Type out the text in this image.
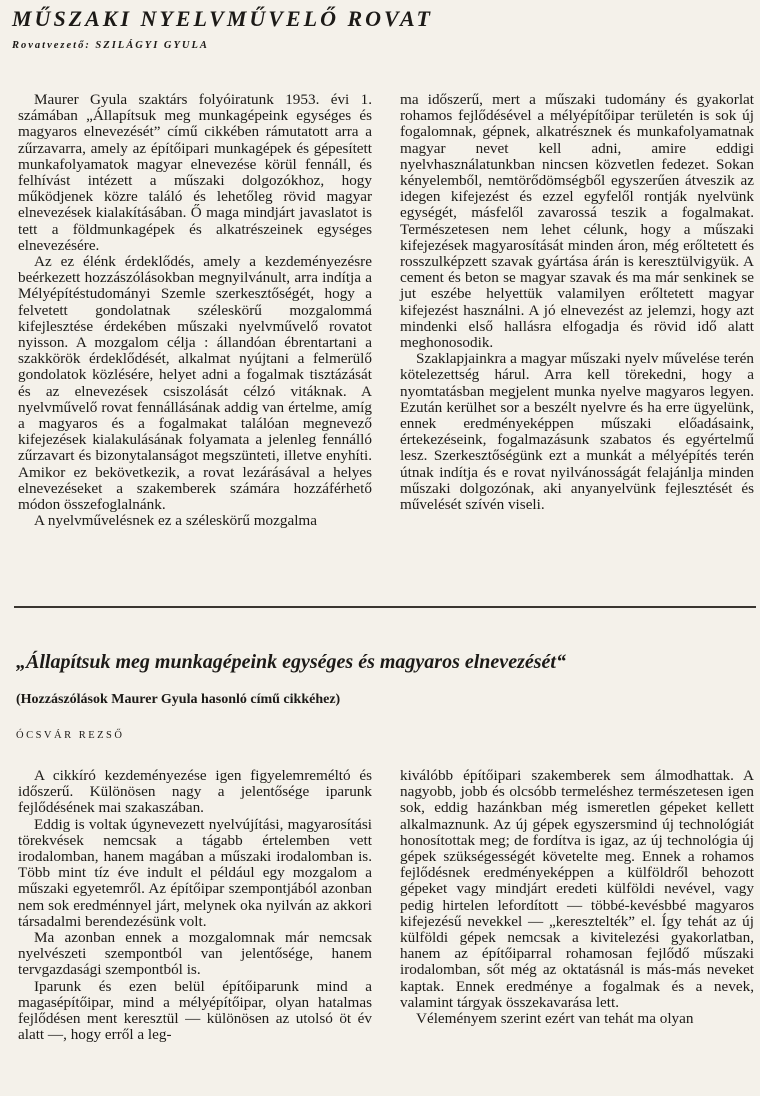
MŰSZAKI NYELVMŰVELŐ ROVAT
Rovatvezető: SZILÁGYI GYULA

Maurer Gyula szaktárs folyóiratunk 1953. évi 1. számában „Állapítsuk meg munkagépeink egységes és magyaros elnevezését” című cikkében rámutatott arra a zűrzavarra, amely az építőipari munkagépek és gépesített munkafolyamatok magyar elnevezése körül fennáll, és felhívást intézett a műszaki dolgozókhoz, hogy működjenek közre találó és lehetőleg rövid magyar elnevezések kialakításában. Ő maga mindjárt javaslatot is tett a földmunkagépek és alkatrészeinek egységes elnevezésére.

Az ez élénk érdeklődés, amely a kezdeményezésre beérkezett hozzászólásokban megnyilvánult, arra indítja a Mélyépítéstudományi Szemle szerkesztőségét, hogy a felvetett gondolatnak széleskörű mozgalommá kifejlesztése érdekében műszaki nyelvművelő rovatot nyisson. A mozgalom célja : állandóan ébrentartani a szakkörök érdeklődését, alkalmat nyújtani a felmerülő gondolatok közlésére, helyet adni a fogalmak tisztázását és az elnevezések csiszolását célzó vitáknak. A nyelvművelő rovat fennállásának addig van értelme, amíg a magyaros és a fogalmakat találóan megnevező kifejezések kialakulásának folyamata a jelenleg fennálló zűrzavart és bizonytalanságot megszünteti, illetve enyhíti. Amikor ez bekövetkezik, a rovat lezárásával a helyes elnevezéseket a szakemberek számára hozzáférhető módon összefoglalnánk.

A nyelvművelésnek ez a széleskörű mozgalma

ma időszerű, mert a műszaki tudomány és gyakorlat rohamos fejlődésével a mélyépítőipar területén is sok új fogalomnak, gépnek, alkatrésznek és munkafolyamatnak magyar nevet kell adni, amire eddigi nyelvhasználatunkban nincsen közvetlen fedezet. Sokan kényelemből, nemtörődömségből egyszerűen átveszik az idegen kifejezést és ezzel egyfelől rontják nyelvünk egységét, másfelől zavarossá teszik a fogalmakat. Természetesen nem lehet célunk, hogy a műszaki kifejezések magyarosítását minden áron, még erőltetett és rosszulképzett szavak gyártása árán is keresztülvigyük. A cement és beton se magyar szavak és ma már senkinek se jut eszébe helyettük valamilyen erőltetett magyar kifejezést használni. A jó elnevezést az jelemzi, hogy azt mindenki első hallásra elfogadja és rövid idő alatt meghonosodik.

Szaklapjainkra a magyar műszaki nyelv művelése terén kötelezettség hárul. Arra kell törekedni, hogy a nyomtatásban megjelent munka nyelve magyaros legyen. Ezután kerülhet sor a beszélt nyelvre és ha erre ügyelünk, ennek eredményeképpen műszaki előadásaink, értekezéseink, fogalmazásunk szabatos és egyértelmű lesz. Szerkesztőségünk ezt a munkát a mélyépítés terén útnak indítja és e rovat nyilvánosságát felajánlja minden műszaki dolgozónak, aki anyanyelvünk fejlesztését és művelését szívén viseli.

„Állapítsuk meg munkagépeink egységes és magyaros elnevezését“
(Hozzászólások Maurer Gyula hasonló című cikkéhez)
ÓCSVÁR REZSŐ

A cikkíró kezdeményezése igen figyelemreméltó és időszerű. Különösen nagy a jelentősége iparunk fejlődésének mai szakaszában.

Eddig is voltak úgynevezett nyelvújítási, magyarosítási törekvések nemcsak a tágabb értelemben vett irodalomban, hanem magában a műszaki irodalomban is. Több mint tíz éve indult el például egy mozgalom a műszaki egyetemről. Az építőipar szempontjából azonban nem sok eredménnyel járt, melynek oka nyilván az akkori társadalmi berendezésünk volt.

Ma azonban ennek a mozgalomnak már nemcsak nyelvészeti szempontból van jelentősége, hanem tervgazdasági szempontból is.

Iparunk és ezen belül építőiparunk mind a magasépítőipar, mind a mélyépítőipar, olyan hatalmas fejlődésen ment keresztül — különösen az utolsó öt év alatt —, hogy erről a leg-

kiválóbb építőipari szakemberek sem álmodhattak. A nagyobb, jobb és olcsóbb termeléshez természetesen igen sok, eddig hazánkban még ismeretlen gépeket kellett alkalmaznunk. Az új gépek egyszersmind új technológiát honosítottak meg; de fordítva is igaz, az új technológia új gépek szükségességét követelte meg. Ennek a rohamos fejlődésnek eredményeképpen a külföldről behozott gépeket vagy mindjárt eredeti külföldi nevével, vagy pedig hirtelen lefordított — többé-kevésbbé magyaros kifejezésű nevekkel — „keresztelték” el. Így tehát az új külföldi gépek nemcsak a kivitelezési gyakorlatban, hanem az építőiparral rohamosan fejlődő műszaki irodalomban, sőt még az oktatásnál is más-más neveket kaptak. Ennek eredménye a fogalmak és a nevek, valamint tárgyak összekavarása lett.

Véleményem szerint ezért van tehát ma olyan
